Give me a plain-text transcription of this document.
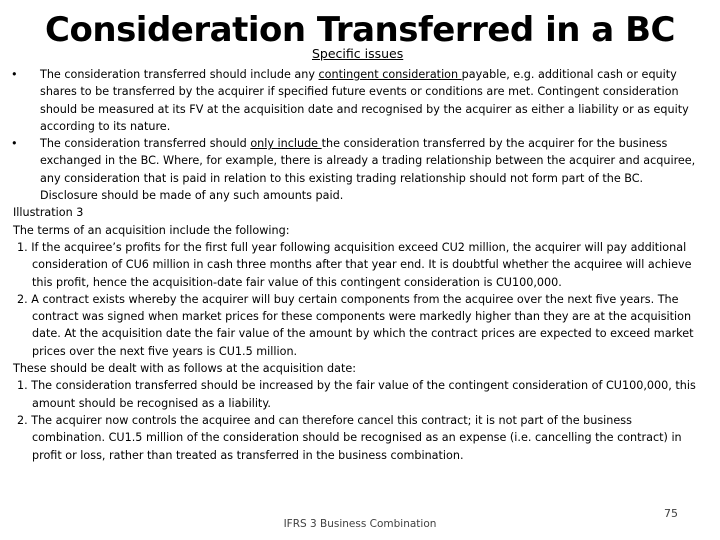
Consideration Transferred in a BC
Specific issues
• The consideration transferred should include any contingent consideration payable, e.g. additional cash or equity shares to be transferred by the acquirer if specified future events or conditions are met. Contingent consideration should be measured at its FV at the acquisition date and recognised by the acquirer as either a liability or as equity according to its nature.
• The consideration transferred should only include the consideration transferred by the acquirer for the business exchanged in the BC. Where, for example, there is already a trading relationship between the acquirer and acquiree, any consideration that is paid in relation to this existing trading relationship should not form part of the BC. Disclosure should be made of any such amounts paid.
Illustration 3
The terms of an acquisition include the following:
1. If the acquiree’s profits for the first full year following acquisition exceed CU2 million, the acquirer will pay additional consideration of CU6 million in cash three months after that year end. It is doubtful whether the acquiree will achieve this profit, hence the acquisition-date fair value of this contingent consideration is CU100,000.
2. A contract exists whereby the acquirer will buy certain components from the acquiree over the next five years. The contract was signed when market prices for these components were markedly higher than they are at the acquisition date. At the acquisition date the fair value of the amount by which the contract prices are expected to exceed market prices over the next five years is CU1.5 million.
These should be dealt with as follows at the acquisition date:
1. The consideration transferred should be increased by the fair value of the contingent consideration of CU100,000, this amount should be recognised as a liability.
2. The acquirer now controls the acquiree and can therefore cancel this contract; it is not part of the business combination. CU1.5 million of the consideration should be recognised as an expense (i.e. cancelling the contract) in profit or loss, rather than treated as transferred in the business combination.
IFRS 3 Business Combination
75
